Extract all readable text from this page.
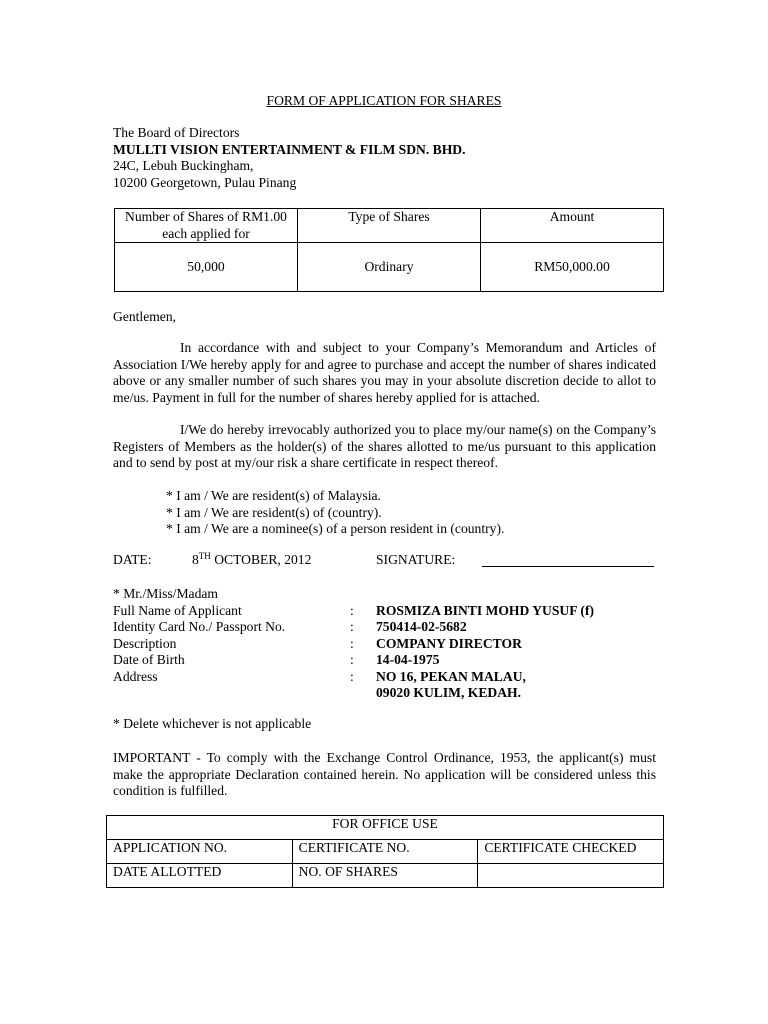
FORM OF APPLICATION FOR SHARES
The Board of Directors
MULLTI VISION ENTERTAINMENT & FILM SDN. BHD.
24C, Lebuh Buckingham,
10200 Georgetown, Pulau Pinang
Number of Shares of RM1.00 each applied for	Type of Shares	Amount
50,000	Ordinary	RM50,000.00
Gentlemen,
In accordance with and subject to your Company’s Memorandum and Articles of Association I/We hereby apply for and agree to purchase and accept the number of shares indicated above or any smaller number of such shares you may in your absolute discretion decide to allot to me/us. Payment in full for the number of shares hereby applied for is attached.
I/We do hereby irrevocably authorized you to place my/our name(s) on the Company’s Registers of Members as the holder(s) of the shares allotted to me/us pursuant to this application and to send by post at my/our risk a share certificate in respect thereof.
* I am / We are resident(s) of Malaysia.
* I am / We are resident(s) of (country).
* I am / We are a nominee(s) of a person resident in (country).
DATE:	8TH OCTOBER, 2012	SIGNATURE:
* Mr./Miss/Madam
Full Name of Applicant	: ROSMIZA BINTI MOHD YUSUF (f)
Identity Card No./ Passport No.	: 750414-02-5682
Description	: COMPANY DIRECTOR
Date of Birth	: 14-04-1975
Address	: NO 16, PEKAN MALAU,
09020 KULIM, KEDAH.
* Delete whichever is not applicable
IMPORTANT - To comply with the Exchange Control Ordinance, 1953, the applicant(s) must make the appropriate Declaration contained herein. No application will be considered unless this condition is fulfilled.
FOR OFFICE USE		
APPLICATION NO.	CERTIFICATE NO.	CERTIFICATE CHECKED
DATE ALLOTTED	NO. OF SHARES	
